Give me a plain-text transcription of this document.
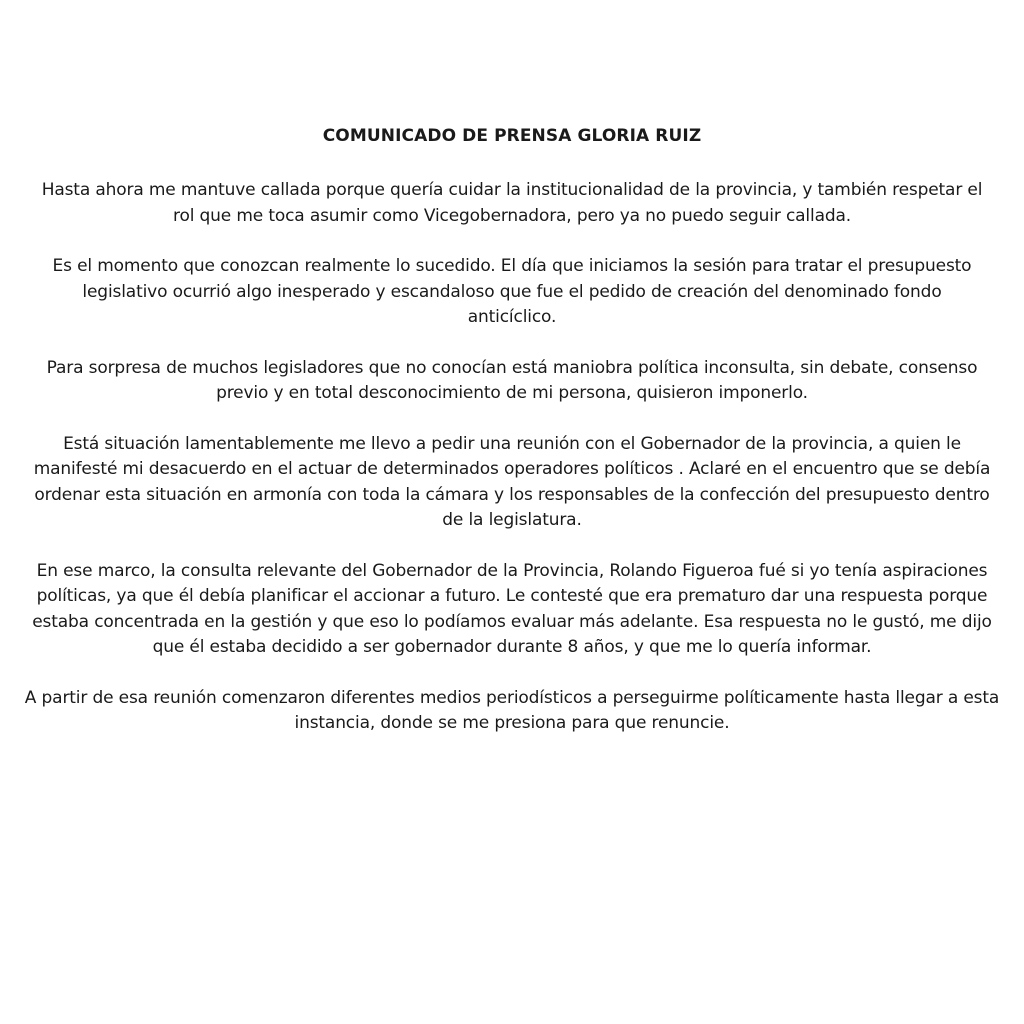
COMUNICADO DE PRENSA GLORIA RUIZ

Hasta ahora me mantuve callada porque quería cuidar la institucionalidad de la provincia, y también respetar el rol que me toca asumir como Vicegobernadora, pero ya no puedo seguir callada.

Es el momento que conozcan realmente lo sucedido. El día que iniciamos la sesión para tratar el presupuesto legislativo ocurrió algo inesperado y escandaloso que fue el pedido de creación del denominado fondo anticíclico.

Para sorpresa de muchos legisladores que no conocían está maniobra política inconsulta, sin debate, consenso previo y en total desconocimiento de mi persona, quisieron imponerlo.

Está situación lamentablemente me llevo a pedir una reunión con el Gobernador de la provincia, a quien le manifesté mi desacuerdo en el actuar de determinados operadores políticos . Aclaré en el encuentro que se debía ordenar esta situación en armonía con toda la cámara y los responsables de la confección del presupuesto dentro de la legislatura.

En ese marco, la consulta relevante del Gobernador de la Provincia, Rolando Figueroa fué si yo tenía aspiraciones políticas, ya que él debía planificar el accionar a futuro. Le contesté que era prematuro dar una respuesta porque estaba concentrada en la gestión y que eso lo podíamos evaluar más adelante. Esa respuesta no le gustó, me dijo que él estaba decidido a ser gobernador durante 8 años, y que me lo quería informar.

A partir de esa reunión comenzaron diferentes medios periodísticos a perseguirme políticamente hasta llegar a esta instancia, donde se me presiona para que renuncie.
